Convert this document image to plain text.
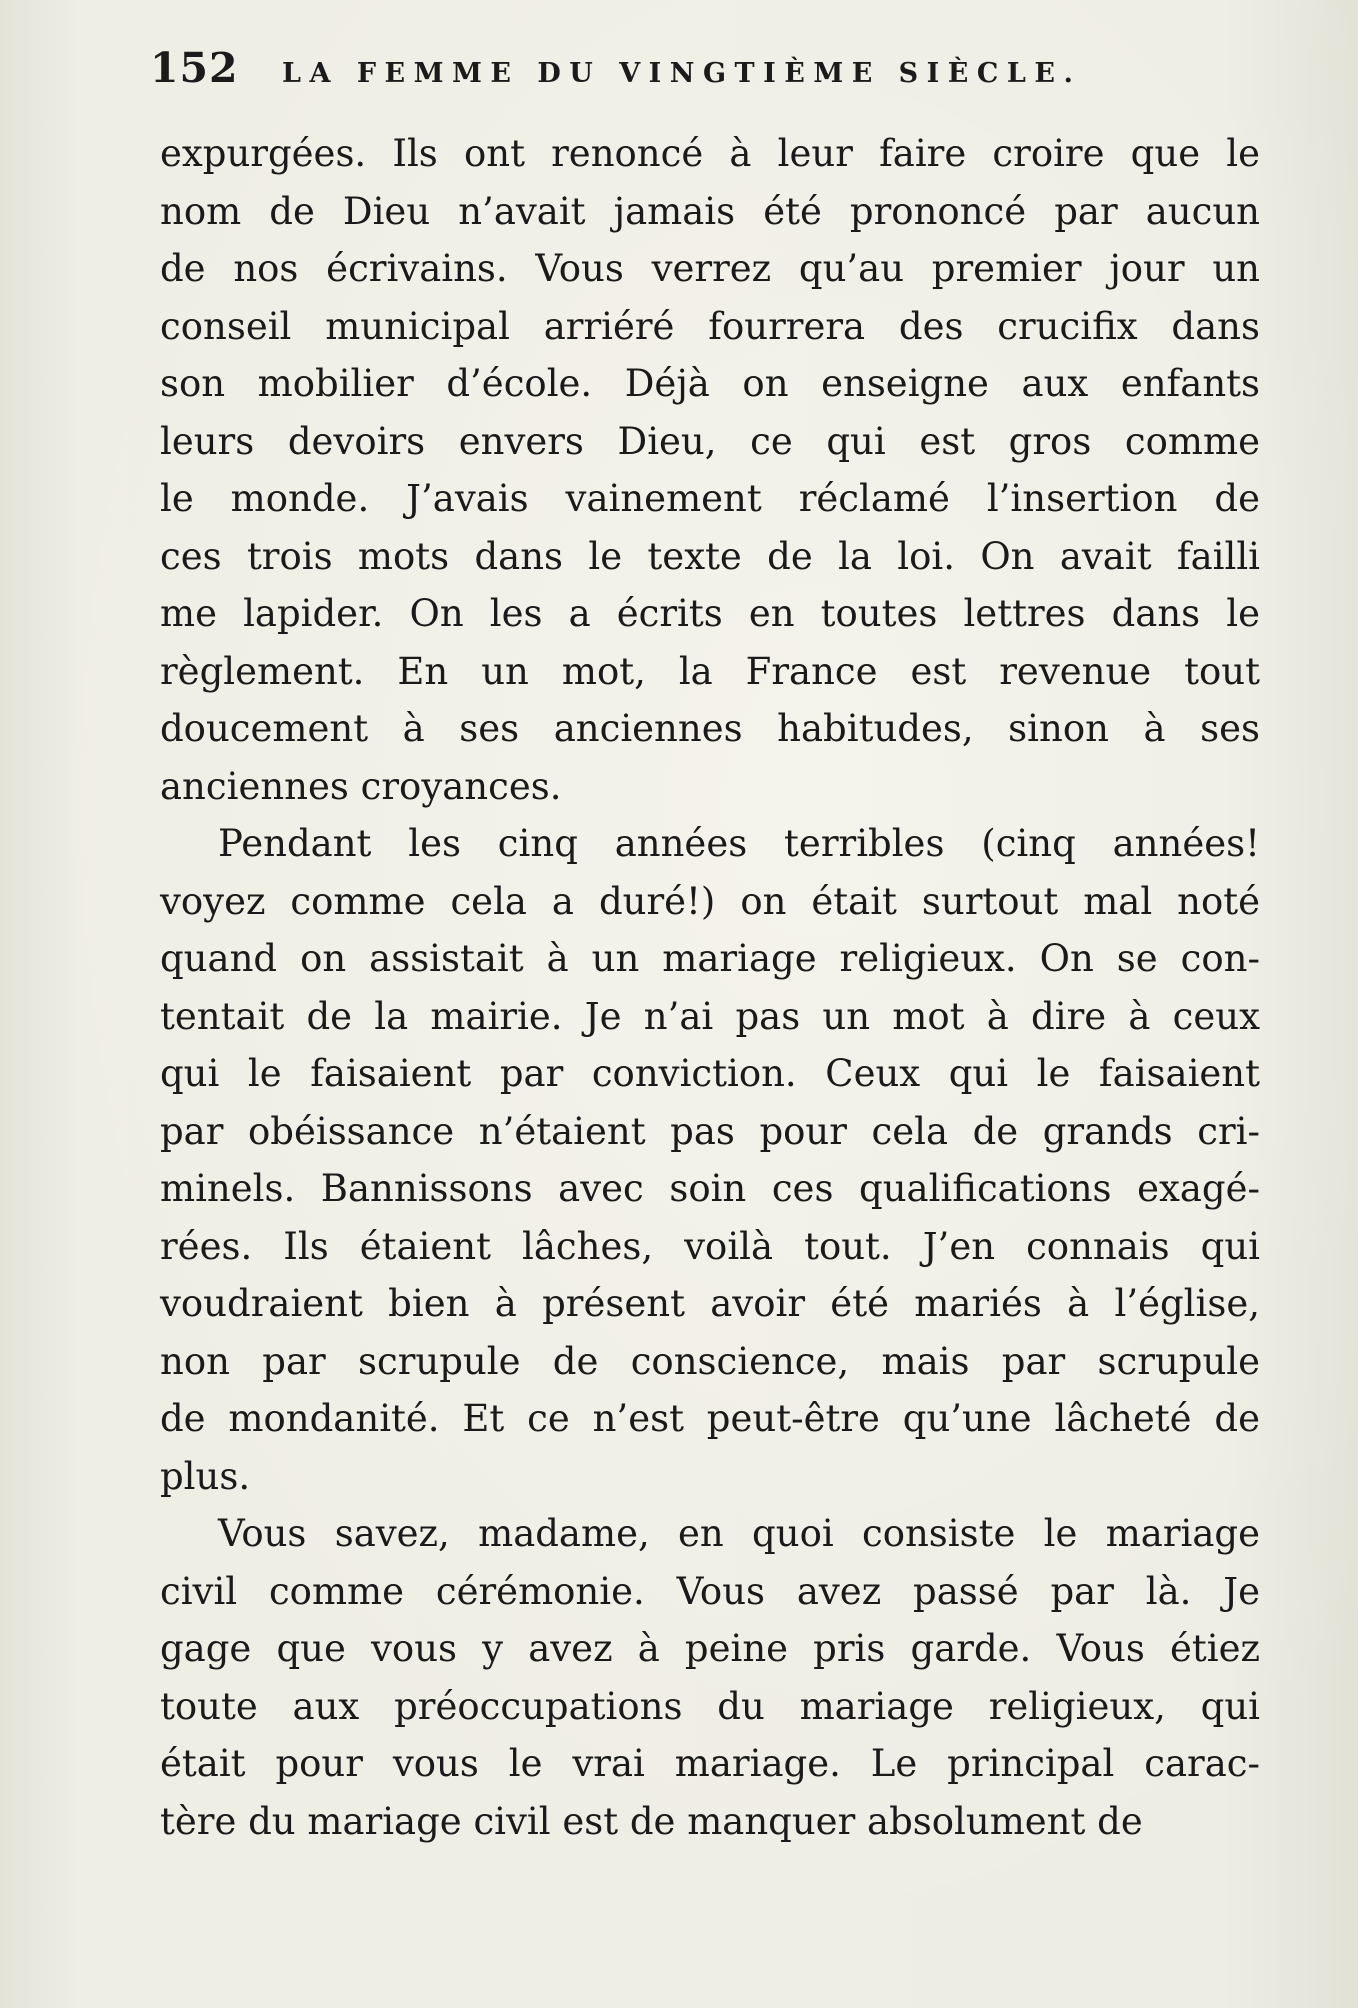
152 LA FEMME DU VINGTIÈME SIÈCLE.
expurgées. Ils ont renoncé à leur faire croire que le
nom de Dieu n’avait jamais été prononcé par aucun
de nos écrivains. Vous verrez qu’au premier jour un
conseil municipal arriéré fourrera des crucifix dans
son mobilier d’école. Déjà on enseigne aux enfants
leurs devoirs envers Dieu, ce qui est gros comme
le monde. J’avais vainement réclamé l’insertion de
ces trois mots dans le texte de la loi. On avait failli
me lapider. On les a écrits en toutes lettres dans le
règlement. En un mot, la France est revenue tout
doucement à ses anciennes habitudes, sinon à ses
anciennes croyances.
Pendant les cinq années terribles (cinq années!
voyez comme cela a duré!) on était surtout mal noté
quand on assistait à un mariage religieux. On se con-
tentait de la mairie. Je n’ai pas un mot à dire à ceux
qui le faisaient par conviction. Ceux qui le faisaient
par obéissance n’étaient pas pour cela de grands cri-
minels. Bannissons avec soin ces qualifications exagé-
rées. Ils étaient lâches, voilà tout. J’en connais qui
voudraient bien à présent avoir été mariés à l’église,
non par scrupule de conscience, mais par scrupule
de mondanité. Et ce n’est peut-être qu’une lâcheté de
plus.
Vous savez, madame, en quoi consiste le mariage
civil comme cérémonie. Vous avez passé par là. Je
gage que vous y avez à peine pris garde. Vous étiez
toute aux préoccupations du mariage religieux, qui
était pour vous le vrai mariage. Le principal carac-
tère du mariage civil est de manquer absolument de
